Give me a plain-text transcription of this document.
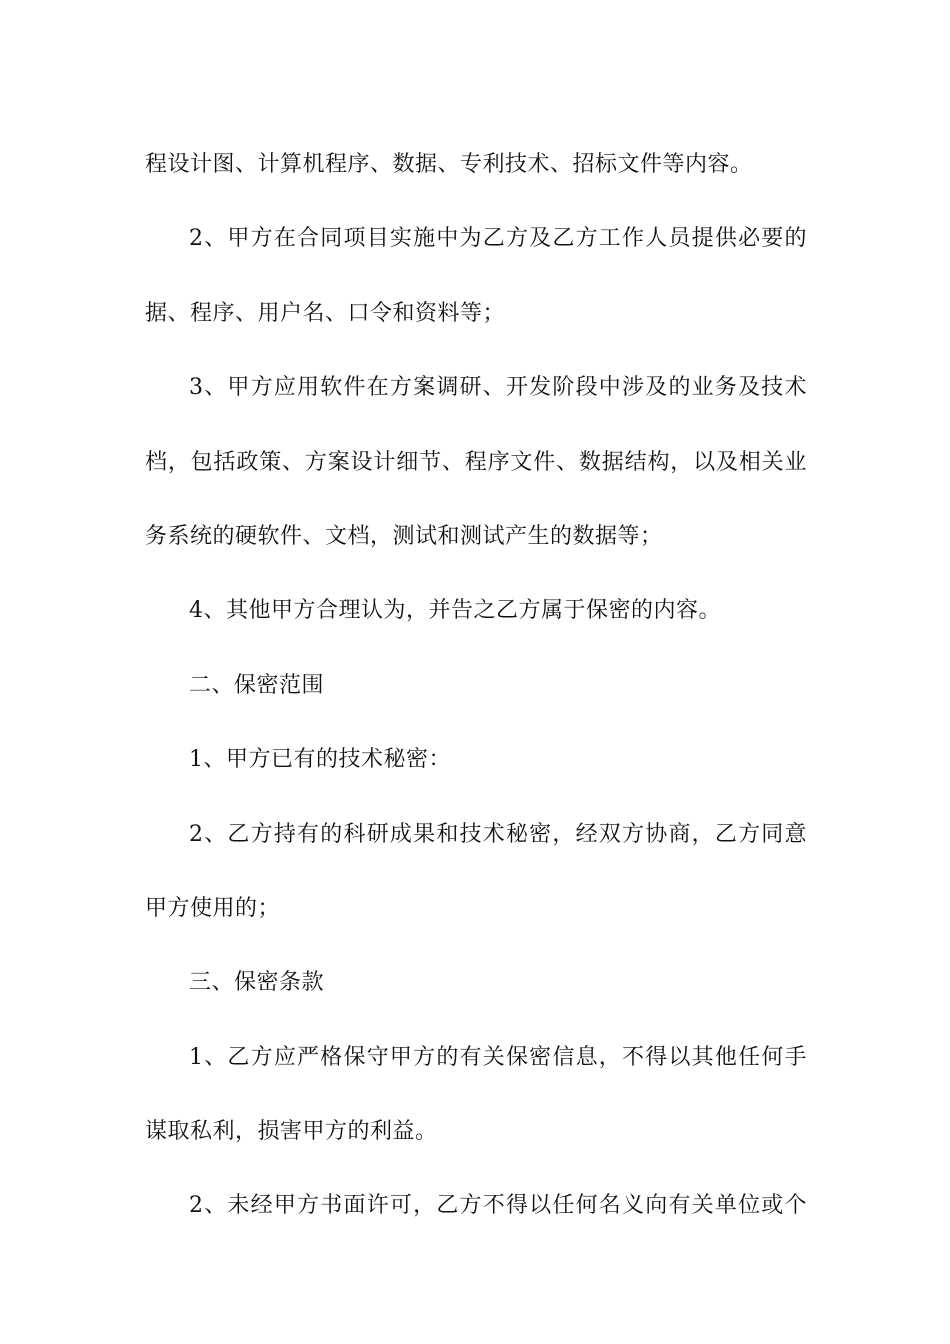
程设计图、计算机程序、数据、专利技术、招标文件等内容。
2、甲方在合同项目实施中为乙方及乙方工作人员提供必要的
据、程序、用户名、口令和资料等；
3、甲方应用软件在方案调研、开发阶段中涉及的业务及技术
档，包括政策、方案设计细节、程序文件、数据结构，以及相关业
务系统的硬软件、文档，测试和测试产生的数据等；
4、其他甲方合理认为，并告之乙方属于保密的内容。
二、保密范围
1、甲方已有的技术秘密：
2、乙方持有的科研成果和技术秘密，经双方协商，乙方同意
甲方使用的；
三、保密条款
1、乙方应严格保守甲方的有关保密信息，不得以其他任何手
谋取私利，损害甲方的利益。
2、未经甲方书面许可，乙方不得以任何名义向有关单位或个
